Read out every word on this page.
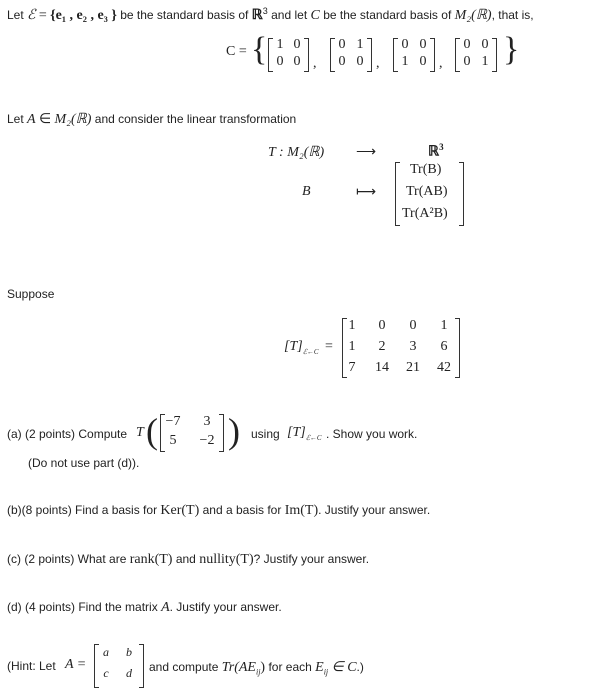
Let ℰ = {e₁ , e₂ , e₃ } be the standard basis of ℝ$^3$ and let C be the standard basis of M₂(ℝ), that is,
C = {	}
1 0
0 0 ,
0 1
0 0 ,
0 0
1 0 ,
0 0
0 1
Let A ∈ M₂(ℝ) and consider the linear transformation
T : M₂(ℝ) ⟶	ℝ$^3$
B	⟼
Tr(B)
Tr(AB)
Tr(A²B)
Suppose
$[T]_{ℰ\leftarrow C}$ =
1	0	0	1
1	2	3	6
7	14 21 42
(a) (2 points) Compute T ( −7	3
5	−2 ) using $[T]_{ℰ\leftarrow C}$ . Show you work.
(Do not use part (d)).
(b)(8 points) Find a basis for Ker(T) and a basis for Im(T). Justify your answer.
(c) (2 points) What are rank(T) and nullity(T)? Justify your answer.
(d) (4 points) Find the matrix A. Justify your answer.
(Hint: Let A =
a	b
c	d	and compute $Tr(AE_{ij})$ for each $E_{ij}$ ∈ C.)
